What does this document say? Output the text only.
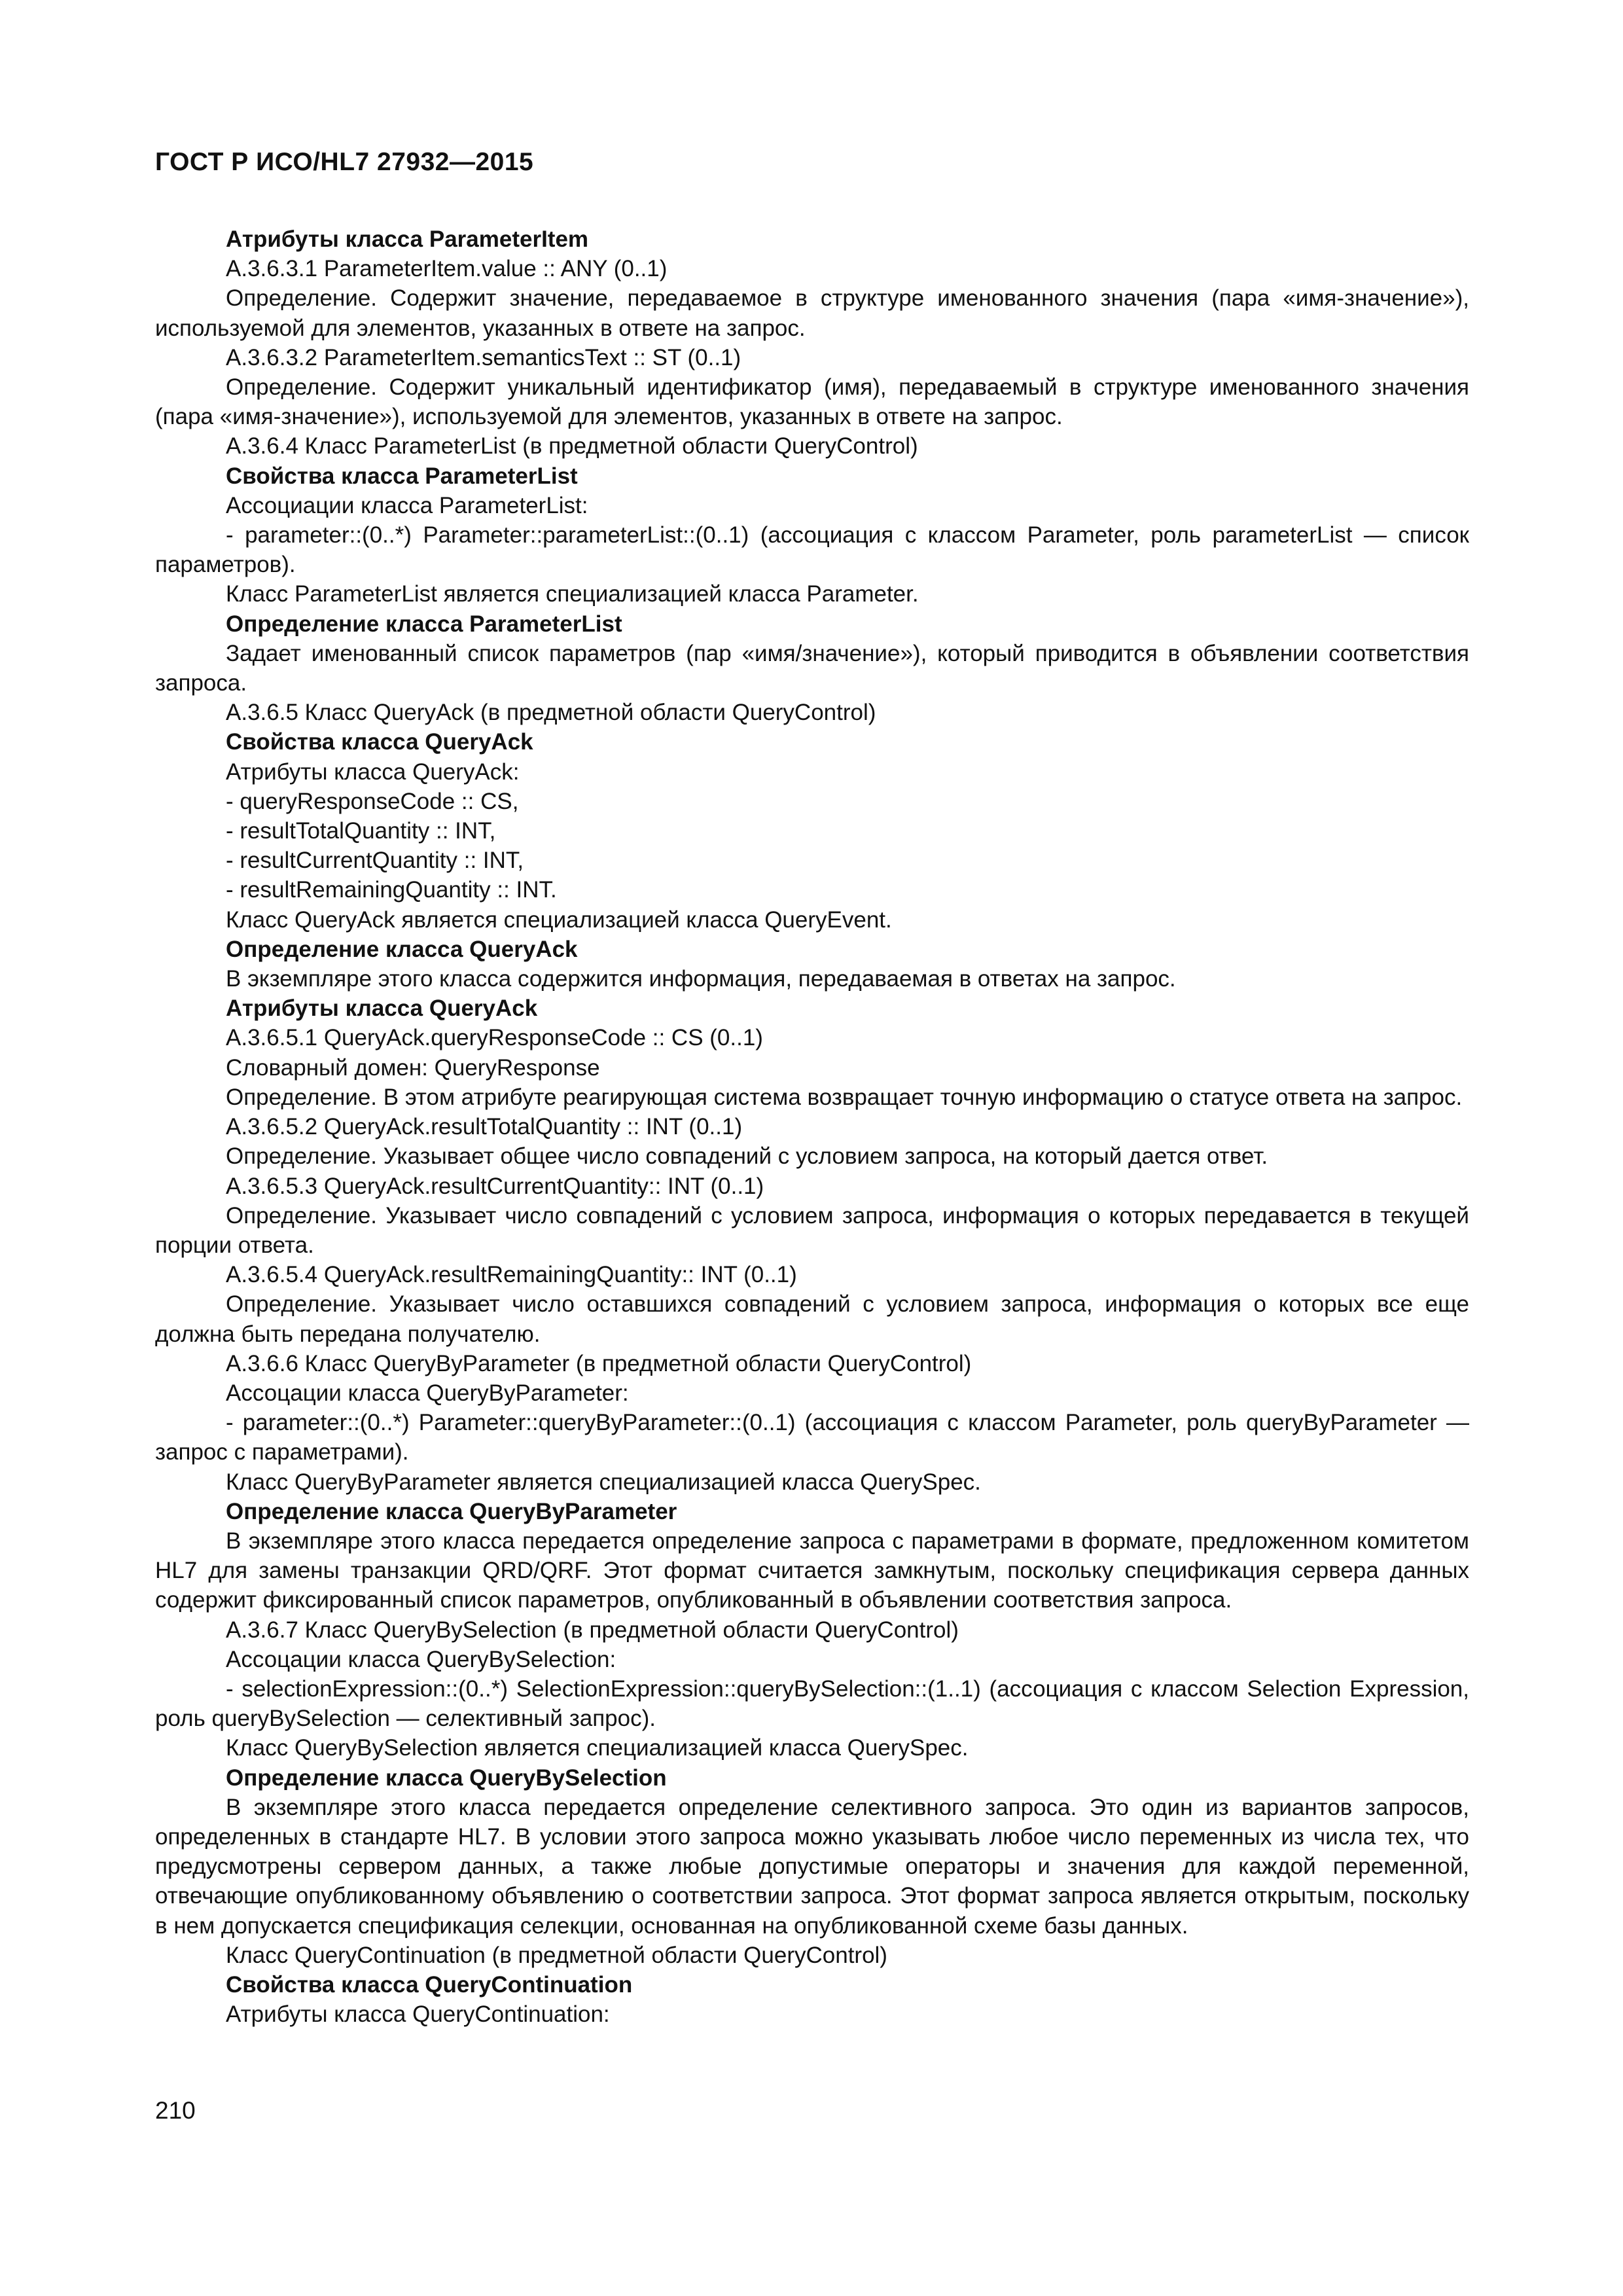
ГОСТ Р ИСО/HL7 27932—2015

Атрибуты класса ParameterItem

A.3.6.3.1 ParameterItem.value :: ANY (0..1)

Определение. Содержит значение, передаваемое в структуре именованного значения (пара «имя-значение»), используемой для элементов, указанных в ответе на запрос.

A.3.6.3.2 ParameterItem.semanticsText :: ST (0..1)

Определение. Содержит уникальный идентификатор (имя), передаваемый в структуре именованного значения (пара «имя-значение»), используемой для элементов, указанных в ответе на запрос.

A.3.6.4 Класс ParameterList (в предметной области QueryControl)

Свойства класса ParameterList

Ассоциации класса ParameterList:

- parameter::(0..*) Parameter::parameterList::(0..1) (ассоциация с классом Parameter, роль parameterList — список параметров).

Класс ParameterList является специализацией класса Parameter.

Определение класса ParameterList

Задает именованный список параметров (пар «имя/значение»), который приводится в объявлении соответствия запроса.

A.3.6.5 Класс QueryAck (в предметной области QueryControl)

Свойства класса QueryAck

Атрибуты класса QueryAck:

- queryResponseCode :: CS,

- resultTotalQuantity :: INT,

- resultCurrentQuantity :: INT,

- resultRemainingQuantity :: INT.

Класс QueryAck является специализацией класса QueryEvent.

Определение класса QueryAck

В экземпляре этого класса содержится информация, передаваемая в ответах на запрос.

Атрибуты класса QueryAck

A.3.6.5.1 QueryAck.queryResponseCode :: CS (0..1)

Словарный домен: QueryResponse

Определение. В этом атрибуте реагирующая система возвращает точную информацию о статусе ответа на запрос.

A.3.6.5.2 QueryAck.resultTotalQuantity :: INT (0..1)

Определение. Указывает общее число совпадений с условием запроса, на который дается ответ.

A.3.6.5.3 QueryAck.resultCurrentQuantity:: INT (0..1)

Определение. Указывает число совпадений с условием запроса, информация о которых передавается в текущей порции ответа.

A.3.6.5.4 QueryAck.resultRemainingQuantity:: INT (0..1)

Определение. Указывает число оставшихся совпадений с условием запроса, информация о которых все еще должна быть передана получателю.

A.3.6.6 Класс QueryByParameter (в предметной области QueryControl)

Ассоцации класса QueryByParameter:

- parameter::(0..*) Parameter::queryByParameter::(0..1) (ассоциация с классом Parameter, роль queryByParameter — запрос с параметрами).

Класс QueryByParameter является специализацией класса QuerySpec.

Определение класса QueryByParameter

В экземпляре этого класса передается определение запроса с параметрами в формате, предложенном комитетом HL7 для замены транзакции QRD/QRF. Этот формат считается замкнутым, поскольку спецификация сервера данных содержит фиксированный список параметров, опубликованный в объявлении соответствия запроса.

A.3.6.7 Класс QueryBySelection (в предметной области QueryControl)

Ассоцации класса QueryBySelection:

- selectionExpression::(0..*) SelectionExpression::queryBySelection::(1..1) (ассоциация с классом Selection Expression, роль queryBySelection — селективный запрос).

Класс QueryBySelection является специализацией класса QuerySpec.

Определение класса QueryBySelection

В экземпляре этого класса передается определение селективного запроса. Это один из вариантов запросов, определенных в стандарте HL7. В условии этого запроса можно указывать любое число переменных из числа тех, что предусмотрены сервером данных, а также любые допустимые операторы и значения для каждой переменной, отвечающие опубликованному объявлению о соответствии запроса. Этот формат запроса является открытым, поскольку в нем допускается спецификация селекции, основанная на опубликованной схеме базы данных.

Класс QueryContinuation (в предметной области QueryControl)

Свойства класса QueryContinuation

Атрибуты класса QueryContinuation:

210
